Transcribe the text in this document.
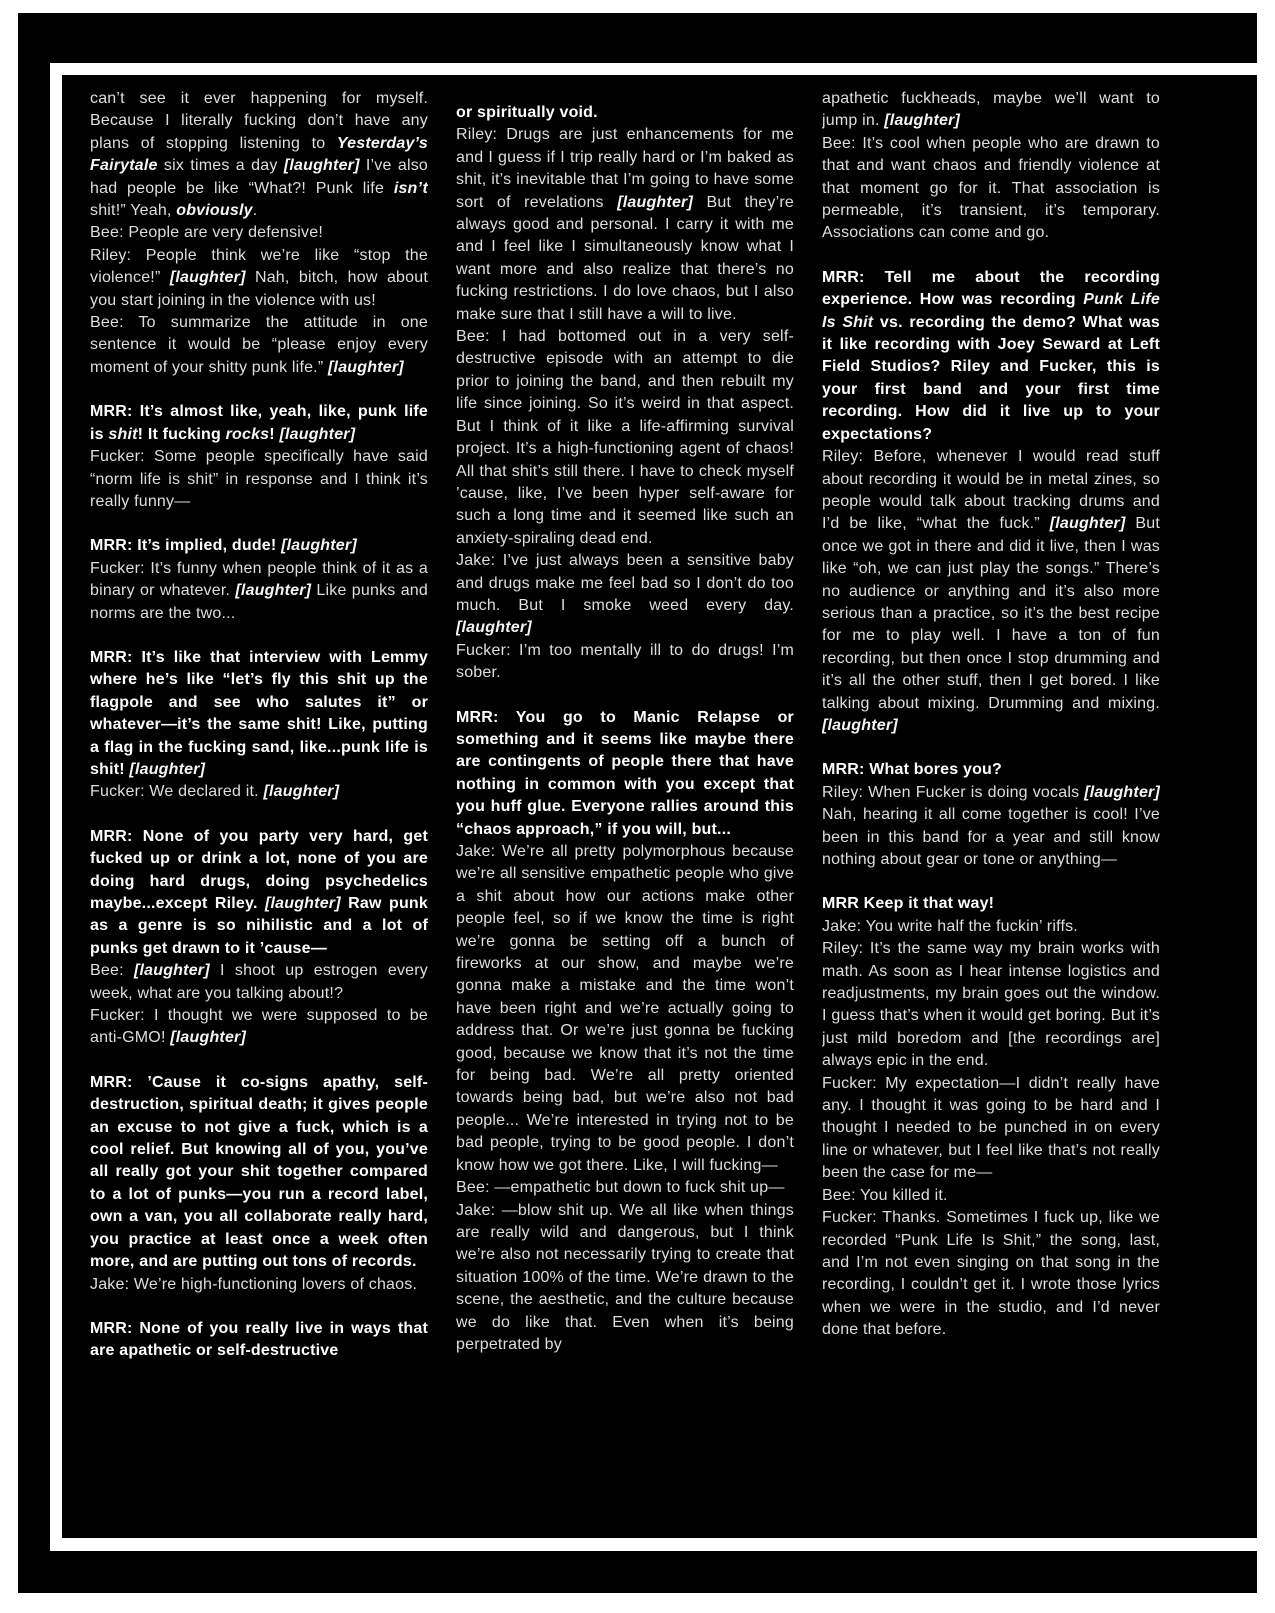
can’t see it ever happening for myself. Because I literally fucking don’t have any plans of stopping listening to Yesterday’s Fairytale six times a day [laughter] I’ve also had people be like “What?! Punk life isn’t shit!” Yeah, obviously.

Bee: People are very defensive!

Riley: People think we’re like “stop the violence!” [laughter] Nah, bitch, how about you start joining in the violence with us!

Bee: To summarize the attitude in one sentence it would be “please enjoy every moment of your shitty punk life.” [laughter]

MRR: It’s almost like, yeah, like, punk life is shit! It fucking rocks! [laughter]

Fucker: Some people specifically have said “norm life is shit” in response and I think it’s really funny—

MRR: It’s implied, dude! [laughter]

Fucker: It’s funny when people think of it as a binary or whatever. [laughter] Like punks and norms are the two...

MRR: It’s like that interview with Lemmy where he’s like “let’s fly this shit up the flagpole and see who salutes it” or whatever—it’s the same shit! Like, putting a flag in the fucking sand, like...punk life is shit! [laughter]

Fucker: We declared it. [laughter]

MRR: None of you party very hard, get fucked up or drink a lot, none of you are doing hard drugs, doing psychedelics maybe...except Riley. [laughter] Raw punk as a genre is so nihilistic and a lot of punks get drawn to it ’cause—

Bee: [laughter] I shoot up estrogen every week, what are you talking about!?

Fucker: I thought we were supposed to be anti-GMO! [laughter]

MRR: ’Cause it co-signs apathy, self-destruction, spiritual death; it gives people an excuse to not give a fuck, which is a cool relief. But knowing all of you, you’ve all really got your shit together compared to a lot of punks—you run a record label, own a van, you all collaborate really hard, you practice at least once a week often more, and are putting out tons of records.

Jake: We’re high-functioning lovers of chaos.

MRR: None of you really live in ways that are apathetic or self-destructive

or spiritually void.

Riley: Drugs are just enhancements for me and I guess if I trip really hard or I’m baked as shit, it’s inevitable that I’m going to have some sort of revelations [laughter] But they’re always good and personal. I carry it with me and I feel like I simultaneously know what I want more and also realize that there’s no fucking restrictions. I do love chaos, but I also make sure that I still have a will to live.

Bee: I had bottomed out in a very self-destructive episode with an attempt to die prior to joining the band, and then rebuilt my life since joining. So it’s weird in that aspect. But I think of it like a life-affirming survival project. It’s a high-functioning agent of chaos! All that shit’s still there. I have to check myself ’cause, like, I’ve been hyper self-aware for such a long time and it seemed like such an anxiety-spiraling dead end.

Jake: I’ve just always been a sensitive baby and drugs make me feel bad so I don’t do too much. But I smoke weed every day. [laughter]

Fucker: I’m too mentally ill to do drugs! I’m sober.

MRR: You go to Manic Relapse or something and it seems like maybe there are contingents of people there that have nothing in common with you except that you huff glue. Everyone rallies around this “chaos approach,” if you will, but...

Jake: We’re all pretty polymorphous because we’re all sensitive empathetic people who give a shit about how our actions make other people feel, so if we know the time is right we’re gonna be setting off a bunch of fireworks at our show, and maybe we’re gonna make a mistake and the time won’t have been right and we’re actually going to address that. Or we’re just gonna be fucking good, because we know that it’s not the time for being bad. We’re all pretty oriented towards being bad, but we’re also not bad people... We’re interested in trying not to be bad people, trying to be good people. I don’t know how we got there. Like, I will fucking—

Bee: —empathetic but down to fuck shit up—

Jake: —blow shit up. We all like when things are really wild and dangerous, but I think we’re also not necessarily trying to create that situation 100% of the time. We’re drawn to the scene, the aesthetic, and the culture because we do like that. Even when it’s being perpetrated by

apathetic fuckheads, maybe we’ll want to jump in. [laughter]

Bee: It’s cool when people who are drawn to that and want chaos and friendly violence at that moment go for it. That association is permeable, it’s transient, it’s temporary. Associations can come and go.

MRR: Tell me about the recording experience. How was recording Punk Life Is Shit vs. recording the demo? What was it like recording with Joey Seward at Left Field Studios? Riley and Fucker, this is your first band and your first time recording. How did it live up to your expectations?

Riley: Before, whenever I would read stuff about recording it would be in metal zines, so people would talk about tracking drums and I’d be like, “what the fuck.” [laughter] But once we got in there and did it live, then I was like “oh, we can just play the songs.” There’s no audience or anything and it’s also more serious than a practice, so it’s the best recipe for me to play well. I have a ton of fun recording, but then once I stop drumming and it’s all the other stuff, then I get bored. I like talking about mixing. Drumming and mixing. [laughter]

MRR: What bores you?

Riley: When Fucker is doing vocals [laughter] Nah, hearing it all come together is cool! I’ve been in this band for a year and still know nothing about gear or tone or anything—

MRR Keep it that way!

Jake: You write half the fuckin’ riffs.

Riley: It’s the same way my brain works with math. As soon as I hear intense logistics and readjustments, my brain goes out the window. I guess that’s when it would get boring. But it’s just mild boredom and [the recordings are] always epic in the end.

Fucker: My expectation—I didn’t really have any. I thought it was going to be hard and I thought I needed to be punched in on every line or whatever, but I feel like that’s not really been the case for me—

Bee: You killed it.

Fucker: Thanks. Sometimes I fuck up, like we recorded “Punk Life Is Shit,” the song, last, and I’m not even singing on that song in the recording, I couldn’t get it. I wrote those lyrics when we were in the studio, and I’d never done that before.
